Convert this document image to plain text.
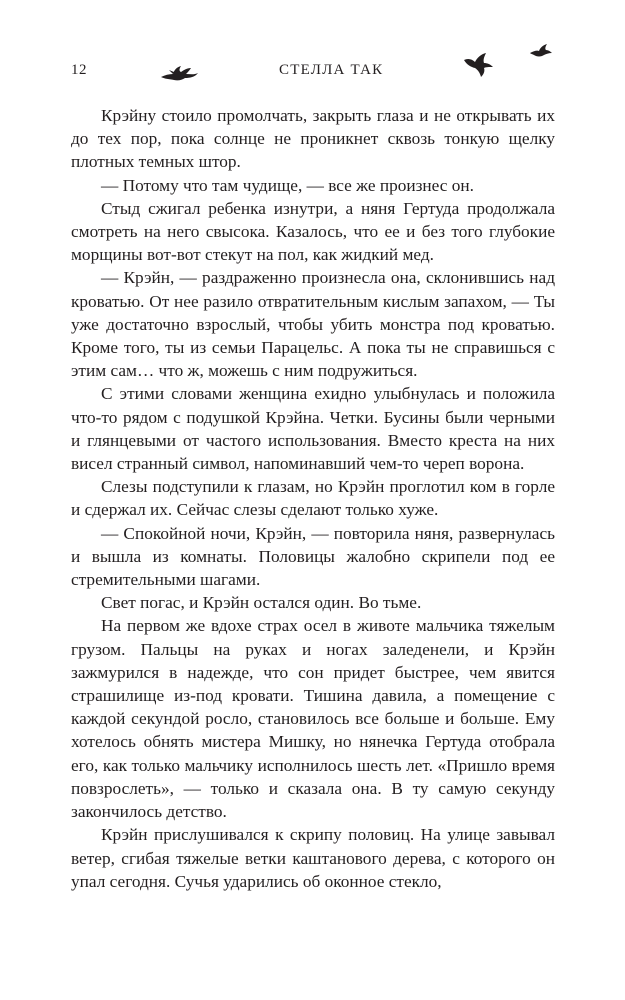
12	СТЕЛЛА ТАК

Крэйну стоило промолчать, закрыть глаза и не открывать их до тех пор, пока солнце не проникнет сквозь тонкую щелку плотных темных штор.

— Потому что там чудище, — все же произнес он.

Стыд сжигал ребенка изнутри, а няня Гертуда продолжала смотреть на него свысока. Казалось, что ее и без того глубокие морщины вот-вот стекут на пол, как жидкий мед.

— Крэйн, — раздраженно произнесла она, склонившись над кроватью. От нее разило отвратительным кислым запахом, — Ты уже достаточно взрослый, чтобы убить монстра под кроватью. Кроме того, ты из семьи Парацельс. А пока ты не справишься с этим сам… что ж, можешь с ним подружиться.

С этими словами женщина ехидно улыбнулась и положила что-то рядом с подушкой Крэйна. Четки. Бусины были черными и глянцевыми от частого использования. Вместо креста на них висел странный символ, напоминавший чем-то череп ворона.

Слезы подступили к глазам, но Крэйн проглотил ком в горле и сдержал их. Сейчас слезы сделают только хуже.

— Спокойной ночи, Крэйн, — повторила няня, развернулась и вышла из комнаты. Половицы жалобно скрипели под ее стремительными шагами.

Свет погас, и Крэйн остался один. Во тьме.

На первом же вдохе страх осел в животе мальчика тяжелым грузом. Пальцы на руках и ногах заледенели, и Крэйн зажмурился в надежде, что сон придет быстрее, чем явится страшилище из-под кровати. Тишина давила, а помещение с каждой секундой росло, становилось все больше и больше. Ему хотелось обнять мистера Мишку, но нянечка Гертуда отобрала его, как только мальчику исполнилось шесть лет. «Пришло время повзрослеть», — только и сказала она. В ту самую секунду закончилось детство.

Крэйн прислушивался к скрипу половиц. На улице завывал ветер, сгибая тяжелые ветки каштанового дерева, с которого он упал сегодня. Сучья ударились об оконное стекло,
